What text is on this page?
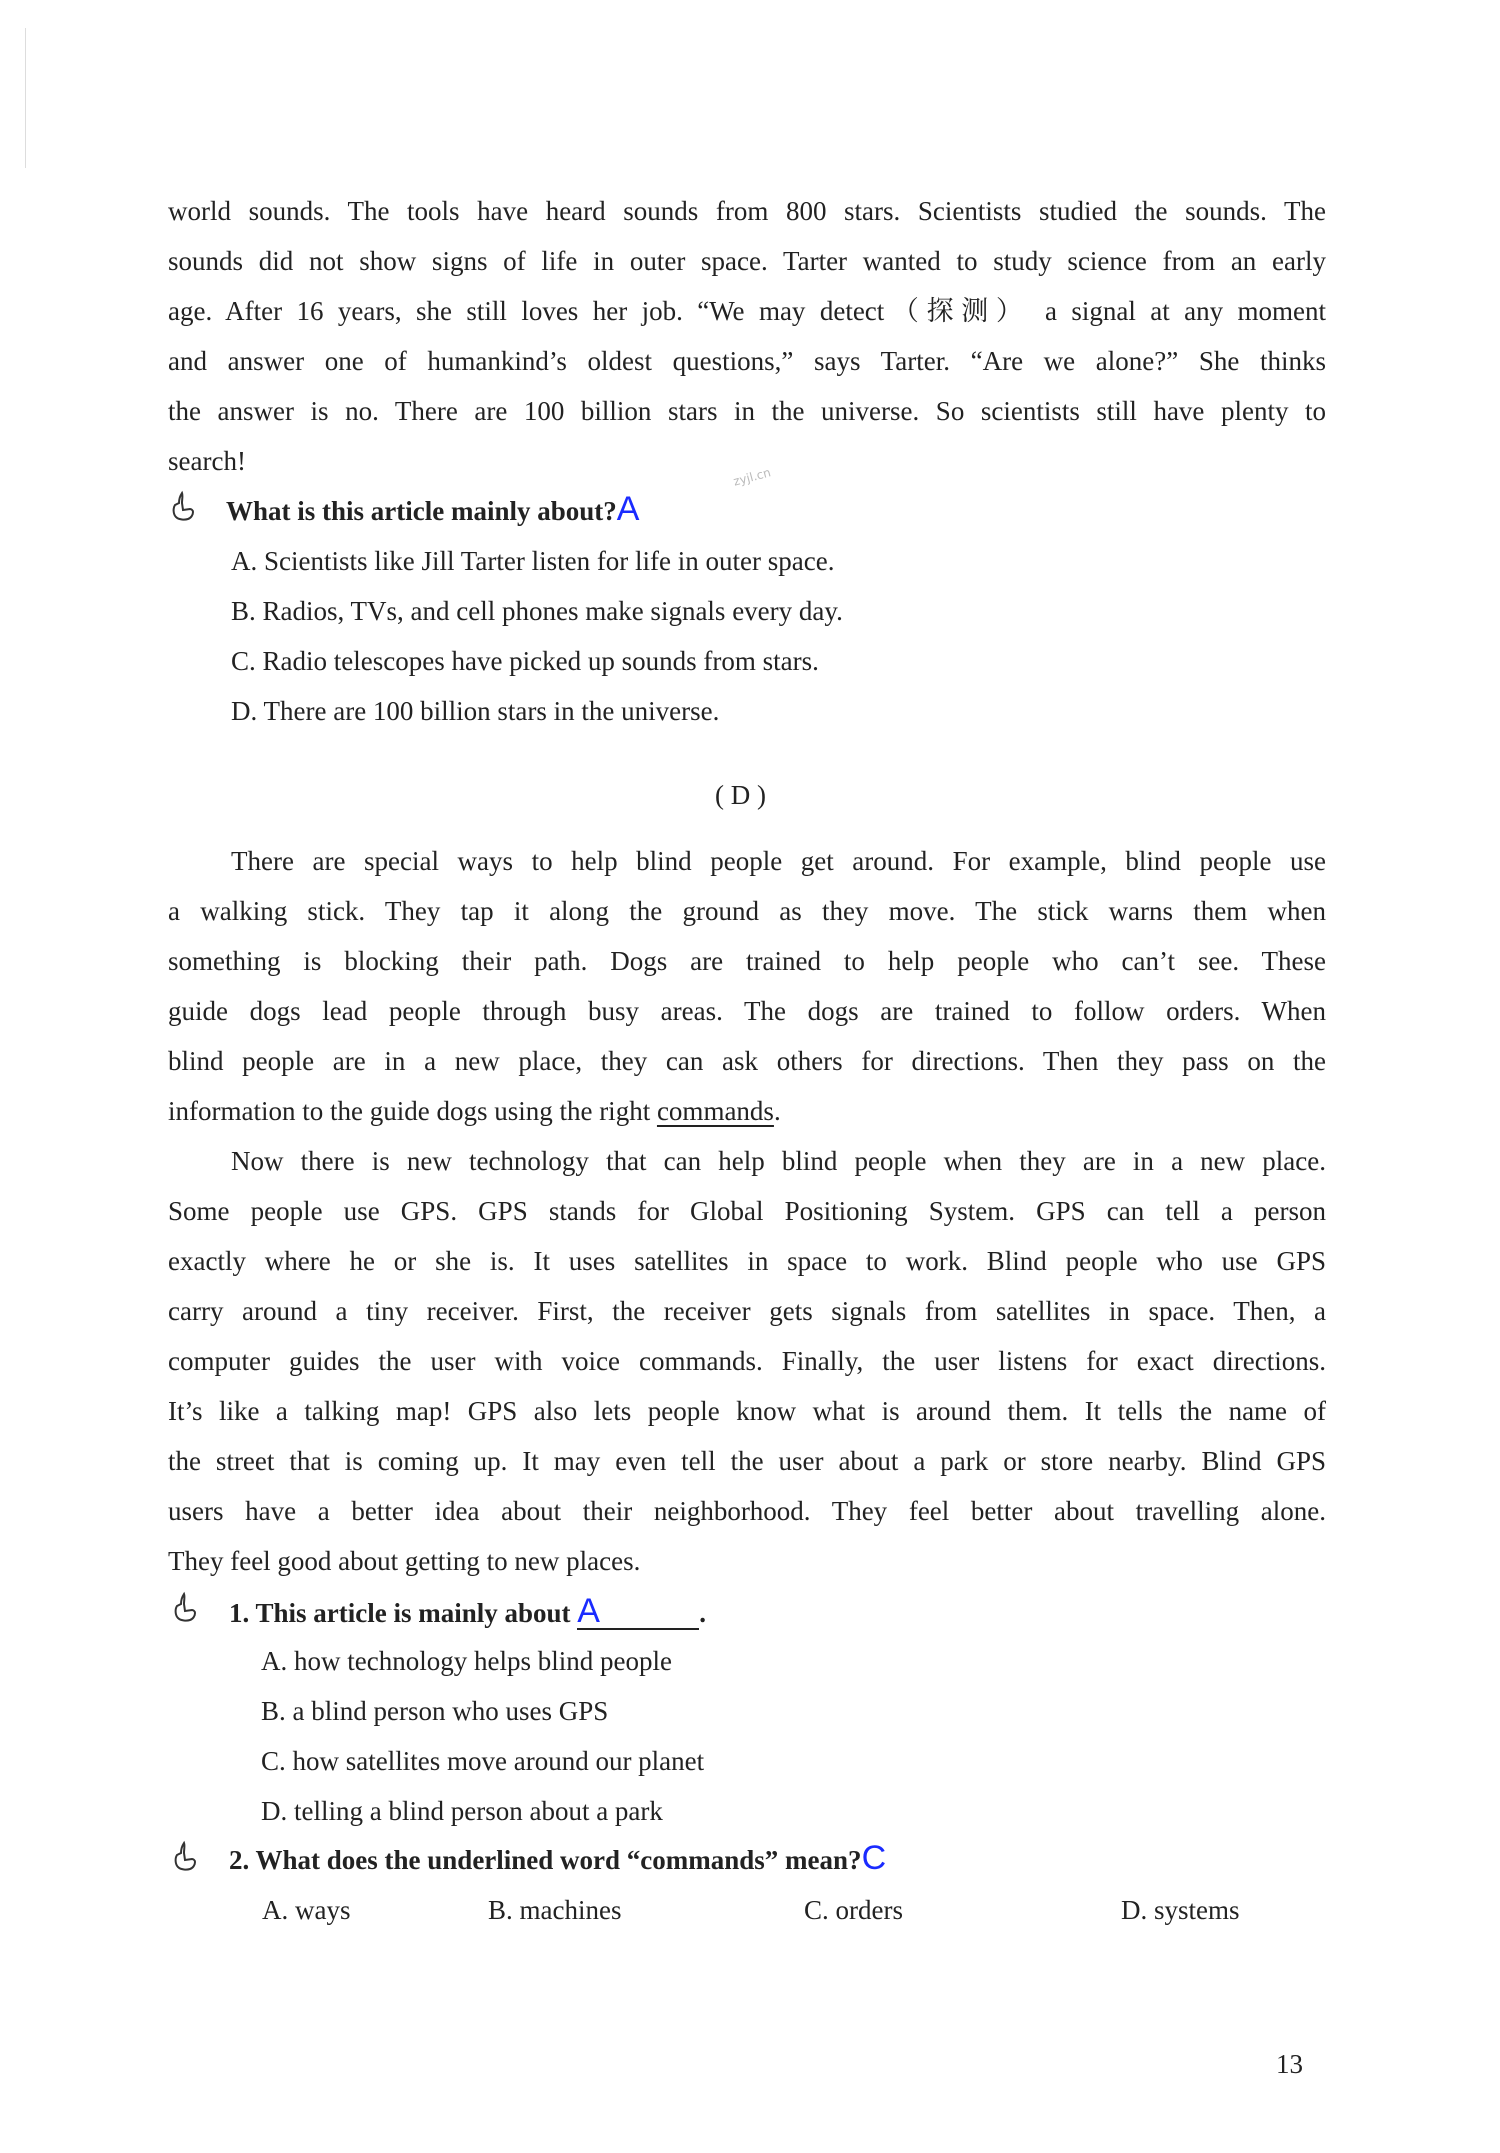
zyjl.cn
world sounds. The tools have heard sounds from 800 stars. Scientists studied the sounds. The
sounds did not show signs of life in outer space. Tarter wanted to study science from an early
age. After 16 years, she still loves her job. “We may detect（探测） a signal at any moment
and answer one of humankind’s oldest questions,” says Tarter. “Are we alone?” She thinks
the answer is no. There are 100 billion stars in the universe. So scientists still have plenty to
search!
What is this article mainly about?A
A. Scientists like Jill Tarter listen for life in outer space.
B. Radios, TVs, and cell phones make signals every day.
C. Radio telescopes have picked up sounds from stars.
D. There are 100 billion stars in the universe.
( D )
There are special ways to help blind people get around. For example, blind people use
a walking stick. They tap it along the ground as they move. The stick warns them when
something is blocking their path. Dogs are trained to help people who can’t see. These
guide dogs lead people through busy areas. The dogs are trained to follow orders. When
blind people are in a new place, they can ask others for directions. Then they pass on the
information to the guide dogs using the right commands.
Now there is new technology that can help blind people when they are in a new place.
Some people use GPS. GPS stands for Global Positioning System. GPS can tell a person
exactly where he or she is. It uses satellites in space to work. Blind people who use GPS
carry around a tiny receiver. First, the receiver gets signals from satellites in space. Then, a
computer guides the user with voice commands. Finally, the user listens for exact directions.
It’s like a talking map! GPS also lets people know what is around them. It tells the name of
the street that is coming up. It may even tell the user about a park or store nearby. Blind GPS
users have a better idea about their neighborhood. They feel better about travelling alone.
They feel good about getting to new places.
1. This article is mainly about A	.
A. how technology helps blind people
B. a blind person who uses GPS
C. how satellites move around our planet
D. telling a blind person about a park
2. What does the underlined word “commands” mean?C
A. ways	B. machines	C. orders	D. systems
13
